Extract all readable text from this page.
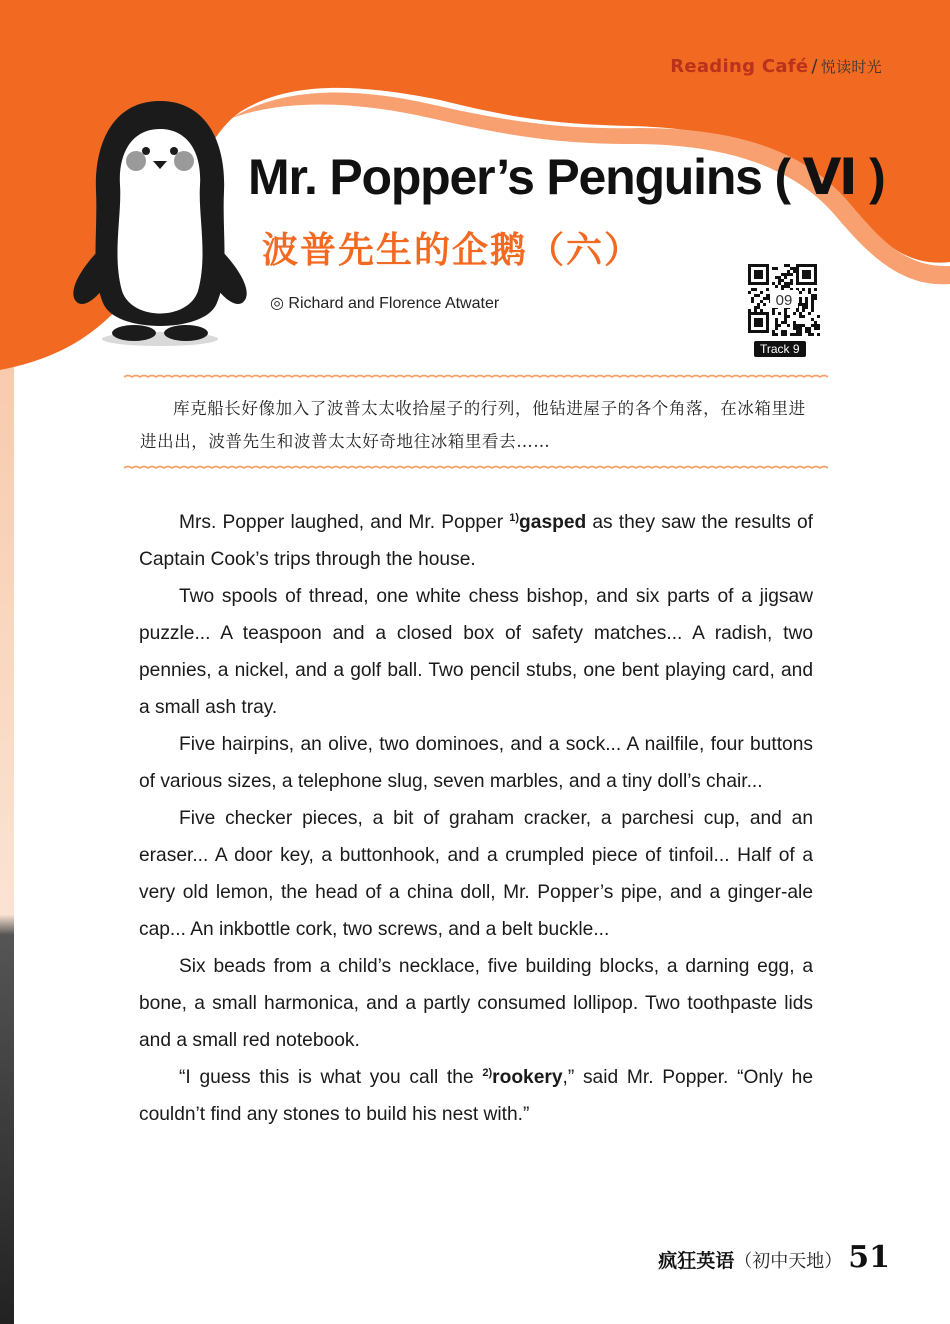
Reading Café / 悦读时光
Mr. Popper’s Penguins ( Ⅵ )
波普先生的企鹅（六）
◎ Richard and Florence Atwater	09
Track 9

库克船长好像加入了波普太太收拾屋子的行列，他钻进屋子的各个角落，在冰箱里进进出出，波普先生和波普太太好奇地往冰箱里看去……

Mrs. Popper laughed, and Mr. Popper $^{1)}$gasped as they saw the results of Captain Cook’s trips through the house.

Two spools of thread, one white chess bishop, and six parts of a jigsaw puzzle... A teaspoon and a closed box of safety matches... A radish, two pennies, a nickel, and a golf ball. Two pencil stubs, one bent playing card, and a small ash tray.

Five hairpins, an olive, two dominoes, and a sock... A nailfile, four buttons of various sizes, a telephone slug, seven marbles, and a tiny doll’s chair...

Five checker pieces, a bit of graham cracker, a parchesi cup, and an eraser... A door key, a buttonhook, and a crumpled piece of tinfoil... Half of a very old lemon, the head of a china doll, Mr. Popper’s pipe, and a ginger-ale cap... An inkbottle cork, two screws, and a belt buckle...

Six beads from a child’s necklace, five building blocks, a darning egg, a bone, a small harmonica, and a partly consumed lollipop. Two toothpaste lids and a small red notebook.

“I guess this is what you call the $^{2)}$rookery,” said Mr. Popper. “Only he couldn’t find any stones to build his nest with.”

疯狂英语 （初中天地） 51
